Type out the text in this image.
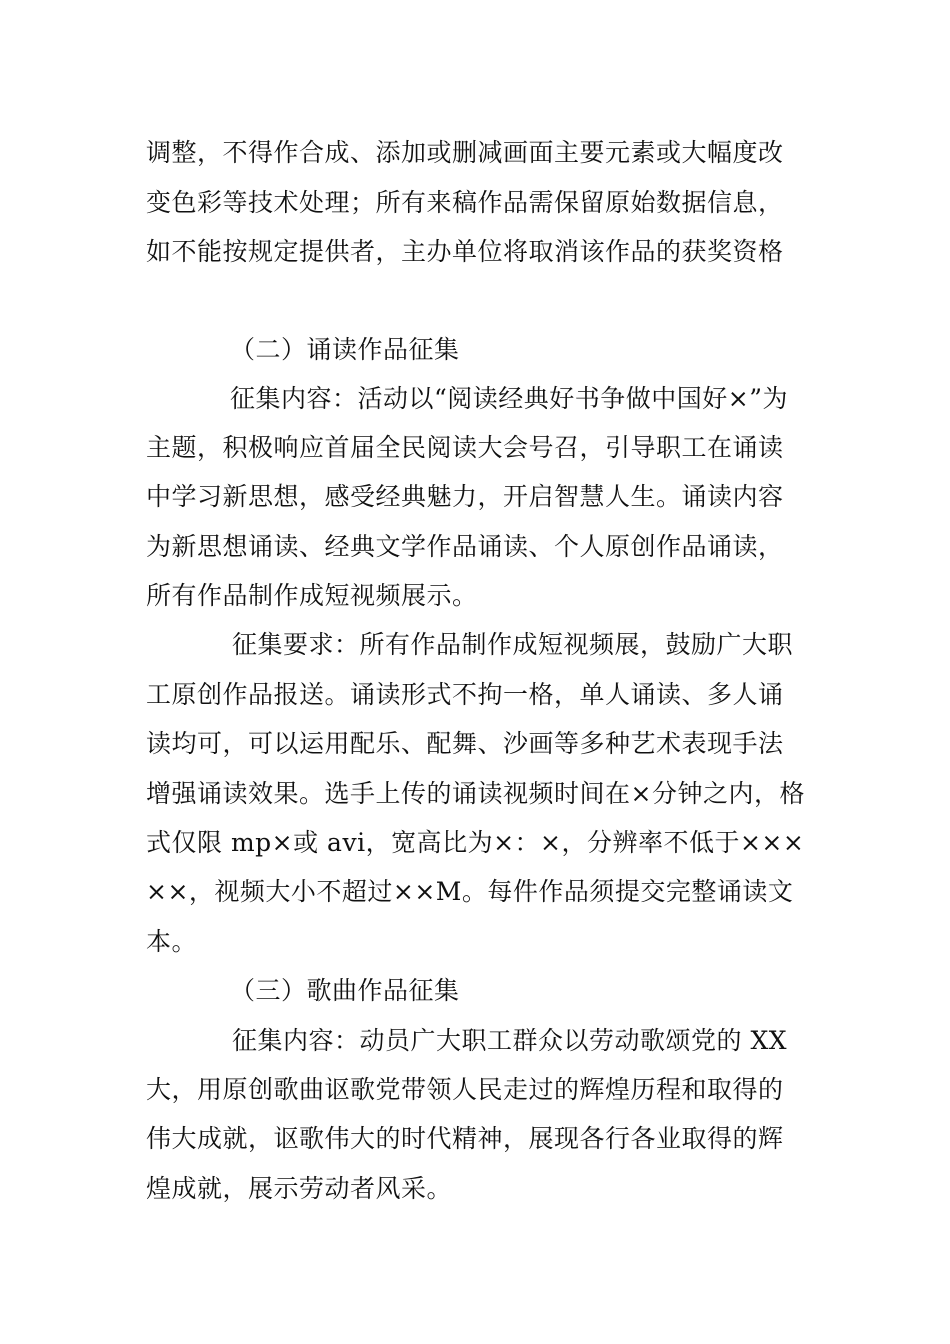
调整，不得作合成、添加或删减画面主要元素或大幅度改
变色彩等技术处理；所有来稿作品需保留原始数据信息，
如不能按规定提供者，主办单位将取消该作品的获奖资格
（二）诵读作品征集
征集内容：活动以“阅读经典好书争做中国好×”为
主题，积极响应首届全民阅读大会号召，引导职工在诵读
中学习新思想，感受经典魅力，开启智慧人生。诵读内容
为新思想诵读、经典文学作品诵读、个人原创作品诵读，
所有作品制作成短视频展示。
征集要求：所有作品制作成短视频展，鼓励广大职
工原创作品报送。诵读形式不拘一格，单人诵读、多人诵
读均可，可以运用配乐、配舞、沙画等多种艺术表现手法
增强诵读效果。选手上传的诵读视频时间在×分钟之内，格
式仅限 mp×或 avi，宽高比为×：×，分辨率不低于×××
××，视频大小不超过××M。每件作品须提交完整诵读文
本。
（三）歌曲作品征集
征集内容：动员广大职工群众以劳动歌颂党的 XX
大，用原创歌曲讴歌党带领人民走过的辉煌历程和取得的
伟大成就，讴歌伟大的时代精神，展现各行各业取得的辉
煌成就，展示劳动者风采。
